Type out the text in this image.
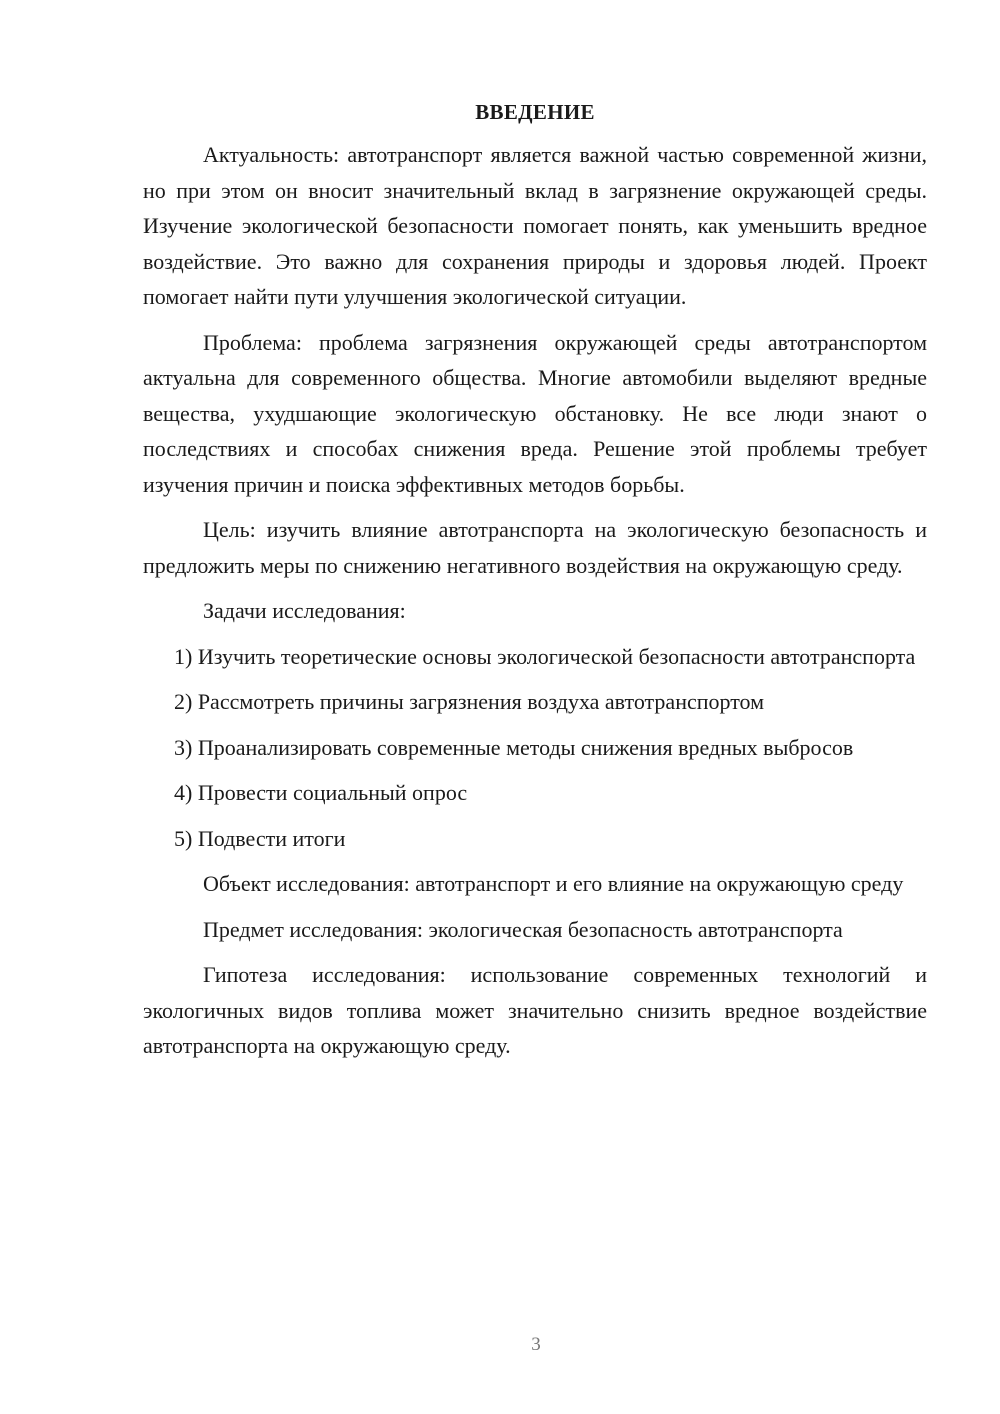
ВВЕДЕНИЕ

Актуальность: автотранспорт является важной частью современной жизни, но при этом он вносит значительный вклад в загрязнение окружающей среды. Изучение экологической безопасности помогает понять, как уменьшить вредное воздействие. Это важно для сохранения природы и здоровья людей. Проект помогает найти пути улучшения экологической ситуации.

Проблема: проблема загрязнения окружающей среды автотранспортом актуальна для современного общества. Многие автомобили выделяют вредные вещества, ухудшающие экологическую обстановку. Не все люди знают о последствиях и способах снижения вреда. Решение этой проблемы требует изучения причин и поиска эффективных методов борьбы.

Цель: изучить влияние автотранспорта на экологическую безопасность и предложить меры по снижению негативного воздействия на окружающую среду.

Задачи исследования:

1) Изучить теоретические основы экологической безопасности автотранспорта

2) Рассмотреть причины загрязнения воздуха автотранспортом

3) Проанализировать современные методы снижения вредных выбросов

4) Провести социальный опрос

5) Подвести итоги

Объект исследования: автотранспорт и его влияние на окружающую среду

Предмет исследования: экологическая безопасность автотранспорта

Гипотеза исследования: использование современных технологий и экологичных видов топлива может значительно снизить вредное воздействие автотранспорта на окружающую среду.

3
